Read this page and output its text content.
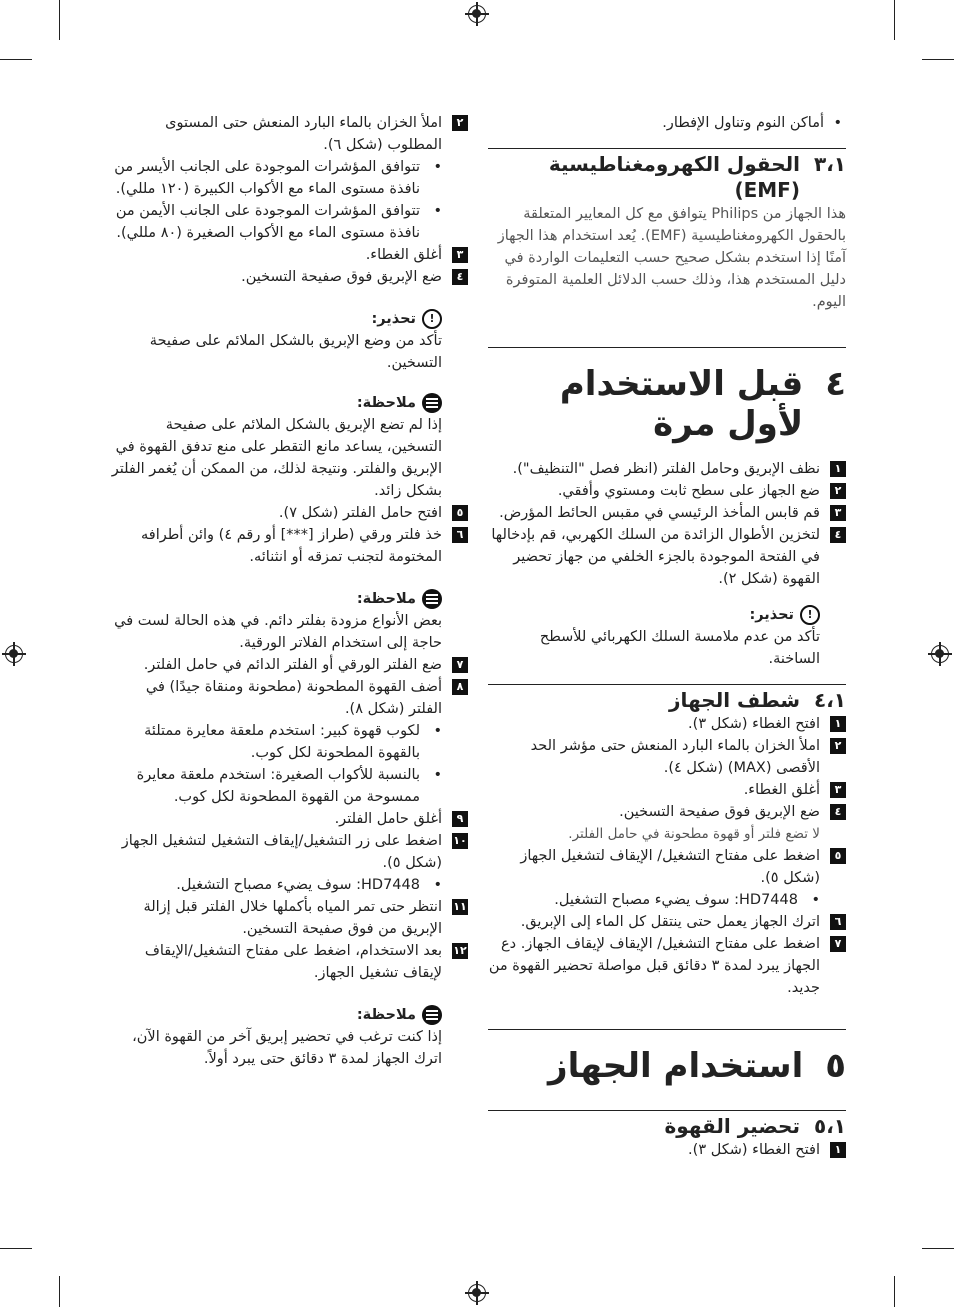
• أماكن النوم وتناول الإفطار.
٣،١
الحقول الكهرومغناطيسية (EMF)
هذا الجهاز من Philips يتوافق مع كل المعايير المتعلقة بالحقول الكهرومغناطيسية (EMF). يُعد استخدام هذا الجهاز آمنًا إذا استخدم بشكل صحيح حسب التعليمات الواردة في دليل المستخدم هذا، وذلك حسب الدلائل العلمية المتوفرة اليوم.
٤
قبل الاستخدام لأول مرة
١
نظف الإبريق وحامل الفلتر (انظر فصل "التنظيف").
٢
ضع الجهاز على سطح ثابت ومستوي وأفقي.
٣
قم قابس المأخذ الرئيسي في مقبس الحائط المؤرض.
٤
لتخزين الأطوال الزائدة من السلك الكهربي، قم بإدخالها في الفتحة الموجودة بالجزء الخلفي من جهاز تحضير القهوة (شكل ٢).
!
تحذير:
تأكد من عدم ملامسة السلك الكهربائي للأسطح الساخنة.
٤،١
شطف الجهاز
١
افتح الغطاء (شكل ٣).
٢
املأ الخزان بالماء البارد المنعش حتى مؤشر الحد الأقصى (MAX) (شكل ٤).
٣
أغلق الغطاء.
٤
ضع الإبريق فوق صفيحة التسخين.
لا تضع فلتر أو قهوة مطحونة في حامل الفلتر.
٥
اضغط على مفتاح التشغيل/ الإيقاف لتشغيل الجهاز (شكل ٥).
• HD7448: سوف يضيء مصباح التشغيل.
٦
اترك الجهاز يعمل حتى ينتقل كل الماء إلى الإبريق.
٧
اضغط على مفتاح التشغيل/ الإيقاف لإيقاف الجهاز. دع الجهاز يبرد لمدة ٣ دقائق قبل مواصلة تحضير القهوة من جديد.
٥
استخدام الجهاز
٥،١
تحضير القهوة
١
افتح الغطاء (شكل ٣).
٢
املأ الخزان بالماء البارد المنعش حتى المستوى المطلوب (شكل ٦).
• تتوافق المؤشرات الموجودة على الجانب الأيسر من نافذة مستوى الماء مع الأكواب الكبيرة (١٢٠ مللي).
• تتوافق المؤشرات الموجودة على الجانب الأيمن من نافذة مستوى الماء مع الأكواب الصغيرة (٨٠ مللي).
٣
أغلق الغطاء.
٤
ضع الإبريق فوق صفيحة التسخين.
!
تحذير:
تأكد من وضع الإبريق بالشكل الملائم على صفيحة التسخين.
ملاحظة:
إذا لم تضع الإبريق بالشكل الملائم على صفيحة التسخين، يساعد مانع التقطر على منع تدفق القهوة في الإبريق والفلتر. ونتيجة لذلك، من الممكن أن يُغمر الفلتر بشكل زائد.
٥
افتح حامل الفلتر (شكل ٧).
٦
خذ فلتر ورقي (طراز [***] أو رقم ٤) وائن أطرافه المختومة لتجنب تمزقه أو انثنائه.
ملاحظة:
بعض الأنواع مزودة بفلتر دائم. في هذه الحالة لست في حاجة إلى استخدام الفلاتر الورقية.
٧
ضع الفلتر الورقي أو الفلتر الدائم في حامل الفلتر.
٨
أضف القهوة المطحونة (مطحونة ومنقاة جيدًا) في الفلتر (شكل ٨).
• لكوب قهوة كبير: استخدم ملعقة معايرة ممتلئة بالقهوة المطحونة لكل كوب.
• بالنسبة للأكواب الصغيرة: استخدم ملعقة معايرة ممسوحة من القهوة المطحونة لكل كوب.
٩
أغلق حامل الفلتر.
١٠
اضغط على زر التشغيل/إيقاف التشغيل لتشغيل الجهاز (شكل ٥).
• HD7448: سوف يضيء مصباح التشغيل.
١١
انتظر حتى تمر المياه بأكملها خلال الفلتر قبل إزالة الإبريق من فوق صفيحة التسخين.
١٢
بعد الاستخدام، اضغط على مفتاح التشغيل/الإيقاف لإيقاف تشغيل الجهاز.
ملاحظة:
إذا كنت ترغب في تحضير إبريق آخر من القهوة الآن، اترك الجهاز لمدة ٣ دقائق حتى يبرد أولاً.
